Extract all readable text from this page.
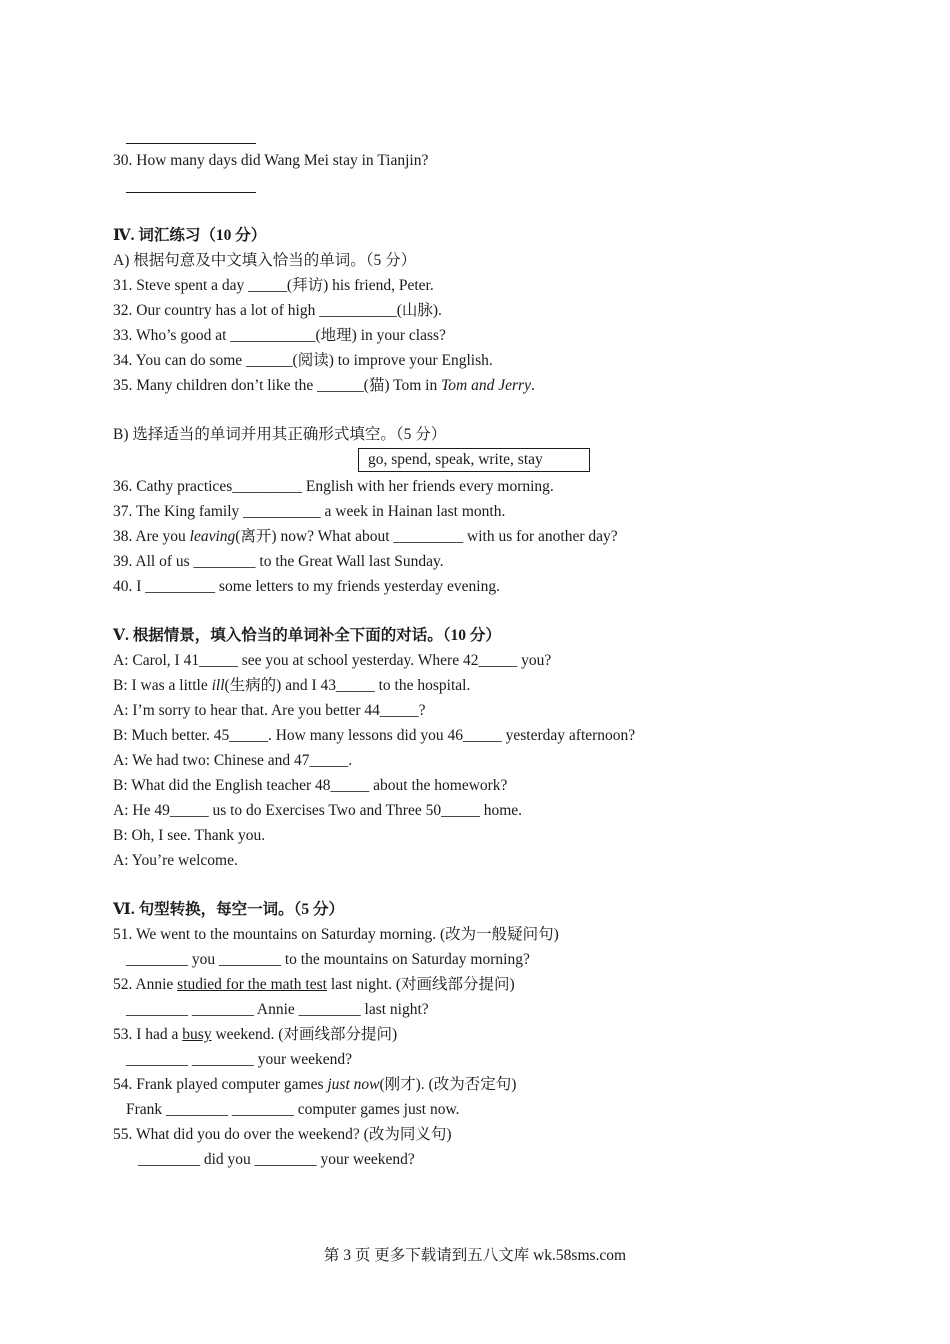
30. How many days did Wang Mei stay in Tianjin?
Ⅳ. 词汇练习（10 分）
A) 根据句意及中文填入恰当的单词。（5 分）
31. Steve spent a day _____(拜访) his friend, Peter.
32. Our country has a lot of high __________(山脉).
33. Who’s good at ___________(地理) in your class?
34. You can do some ______(阅读) to improve your English.
35. Many children don’t like the ______(猫) Tom in Tom and Jerry.
B) 选择适当的单词并用其正确形式填空。（5 分）
go, spend, speak, write, stay
36. Cathy practices_________ English with her friends every morning.
37. The King family __________ a week in Hainan last month.
38. Are you leaving(离开) now? What about _________ with us for another day?
39. All of us ________ to the Great Wall last Sunday.
40. I _________ some letters to my friends yesterday evening.
Ⅴ. 根据情景，填入恰当的单词补全下面的对话。（10 分）
A: Carol, I 41_____ see you at school yesterday. Where 42_____ you?
B: I was a little ill(生病的) and I 43_____ to the hospital.
A: I’m sorry to hear that. Are you better 44_____?
B: Much better. 45_____. How many lessons did you 46_____ yesterday afternoon?
A: We had two: Chinese and 47_____.
B: What did the English teacher 48_____ about the homework?
A: He 49_____ us to do Exercises Two and Three 50_____ home.
B: Oh, I see. Thank you.
A: You’re welcome.
Ⅵ. 句型转换，每空一词。（5 分）
51. We went to the mountains on Saturday morning. (改为一般疑问句)
________ you ________ to the mountains on Saturday morning?
52. Annie studied for the math test last night. (对画线部分提问)
________ ________ Annie ________ last night?
53. I had a busy weekend. (对画线部分提问)
________ ________ your weekend?
54. Frank played computer games just now(刚才). (改为否定句)
Frank ________ ________ computer games just now.
55. What did you do over the weekend? (改为同义句)
________ did you ________ your weekend?
第 3 页 更多下载请到五八文库 wk.58sms.com
